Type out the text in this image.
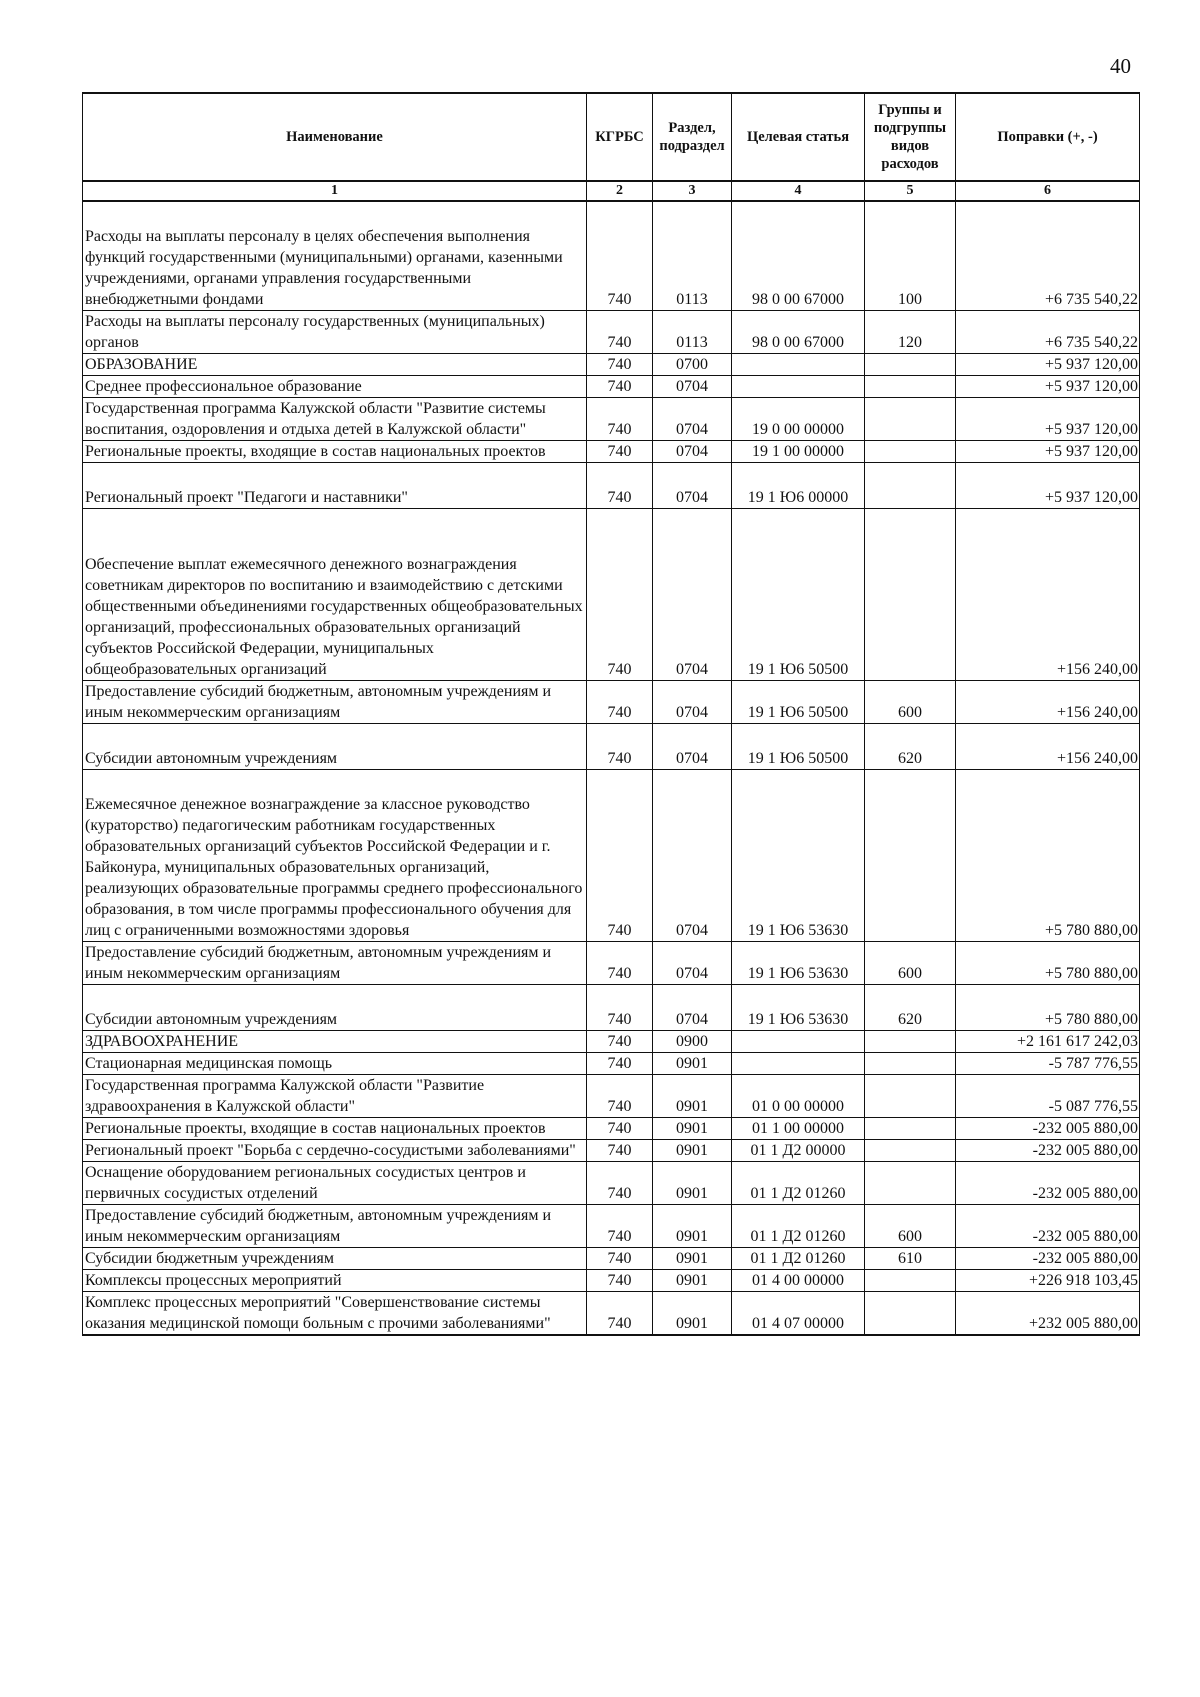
40
Наименование	КГРБС	Раздел, подраздел	Целевая статья	Группы и подгруппы видов расходов	Поправки (+, -)
1	2	3	4	5	6
Расходы на выплаты персоналу в целях обеспечения выполнения функций государственными (муниципальными) органами, казенными учреждениями, органами управления государственными внебюджетными фондами	740	0113	98 0 00 67000	100	+6 735 540,22
Расходы на выплаты персоналу государственных (муниципальных) органов	740	0113	98 0 00 67000	120	+6 735 540,22
ОБРАЗОВАНИЕ	740	0700			+5 937 120,00
Среднее профессиональное образование	740	0704			+5 937 120,00
Государственная программа Калужской области "Развитие системы воспитания, оздоровления и отдыха детей в Калужской области"	740	0704	19 0 00 00000		+5 937 120,00
Региональные проекты, входящие в состав национальных проектов	740	0704	19 1 00 00000		+5 937 120,00
Региональный проект "Педагоги и наставники"	740	0704	19 1 Ю6 00000		+5 937 120,00
Обеспечение выплат ежемесячного денежного вознаграждения советникам директоров по воспитанию и взаимодействию с детскими общественными объединениями государственных общеобразовательных организаций, профессиональных образовательных организаций субъектов Российской Федерации, муниципальных общеобразовательных организаций	740	0704	19 1 Ю6 50500		+156 240,00
Предоставление субсидий бюджетным, автономным учреждениям и иным некоммерческим организациям	740	0704	19 1 Ю6 50500	600	+156 240,00
Субсидии автономным учреждениям	740	0704	19 1 Ю6 50500	620	+156 240,00
Ежемесячное денежное вознаграждение за классное руководство (кураторство) педагогическим работникам государственных образовательных организаций субъектов Российской Федерации и г. Байконура, муниципальных образовательных организаций, реализующих образовательные программы среднего профессионального образования, в том числе программы профессионального обучения для лиц с ограниченными возможностями здоровья	740	0704	19 1 Ю6 53630		+5 780 880,00
Предоставление субсидий бюджетным, автономным учреждениям и иным некоммерческим организациям	740	0704	19 1 Ю6 53630	600	+5 780 880,00
Субсидии автономным учреждениям	740	0704	19 1 Ю6 53630	620	+5 780 880,00
ЗДРАВООХРАНЕНИЕ	740	0900			+2 161 617 242,03
Стационарная медицинская помощь	740	0901			-5 787 776,55
Государственная программа Калужской области "Развитие здравоохранения в Калужской области"	740	0901	01 0 00 00000		-5 087 776,55
Региональные проекты, входящие в состав национальных проектов	740	0901	01 1 00 00000		-232 005 880,00
Региональный проект "Борьба с сердечно-сосудистыми заболеваниями"	740	0901	01 1 Д2 00000		-232 005 880,00
Оснащение оборудованием региональных сосудистых центров и первичных сосудистых отделений	740	0901	01 1 Д2 01260		-232 005 880,00
Предоставление субсидий бюджетным, автономным учреждениям и иным некоммерческим организациям	740	0901	01 1 Д2 01260	600	-232 005 880,00
Субсидии бюджетным учреждениям	740	0901	01 1 Д2 01260	610	-232 005 880,00
Комплексы процессных мероприятий	740	0901	01 4 00 00000		+226 918 103,45
Комплекс процессных мероприятий "Совершенствование системы оказания медицинской помощи больным с прочими заболеваниями"	740	0901	01 4 07 00000		+232 005 880,00
